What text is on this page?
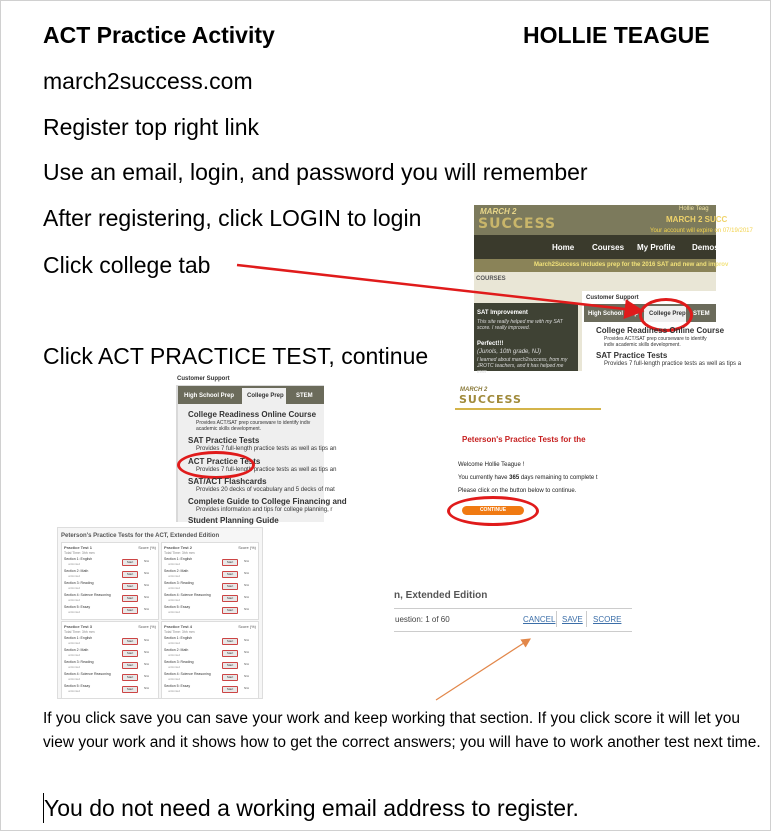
ACT Practice Activity	HOLLIE TEAGUE
march2success.com
Register top right link
Use an email, login, and password you will remember
After registering, click LOGIN to login
Click college tab
Click ACT PRACTICE TEST, continue
MARCH 2
SUCCESS
Hollie Teag
MARCH 2 SUCC
Your account will expire on 07/19/2017
Home Courses My Profile Demos
March2Success includes prep for the 2016 SAT and new and improv
COURSES
SAT Improvement
This site really helped me with my SAT score. I really improved.
Perfect!!!
(Junols, 10th grade, NJ)
I learned about march2success, from my JROTC teachers, and it has helped me ever
Customer Support
High School Prep College Prep STEM
College Readiness Online Course
Provides ACT/SAT prep courseware to identify indiv academic skills development.
SAT Practice Tests
Provides 7 full-length practice tests as well as tips a
Customer Support
High School Prep College Prep STEM
College Readiness Online Course
Provides ACT/SAT prep courseware to identify indiv academic skills development.
SAT Practice Tests
Provides 7 full-length practice tests as well as tips an
ACT Practice Tests
Provides 7 full-length practice tests as well as tips an
SAT/ACT Flashcards
Provides 20 decks of vocabulary and 5 decks of mat
Complete Guide to College Financing and
Provides information and tips for college planning, r
Student Planning Guide
MARCH 2
SUCCESS
Peterson's Practice Tests for the
Welcome Hollie Teague !
You currently have 365 days remaining to complete t
Please click on the button below to continue.
CONTINUE
Peterson's Practice Tests for the ACT, Extended Edition
Practice Test 1	Score (%)
Total Time: 3hh mm
Section 1: English
unlimited	Start	N/A
Section 2: Math
unlimited	Start	N/A
Section 3: Reading
unlimited	Start	N/A
Section 4: Science Reasoning
unlimited	Start	N/A
Section 5: Essay
unlimited	Start	N/A
Practice Test 2	Score (%)
Total Time: 3hh mm
Section 1: English
unlimited	Start	N/A
Section 2: Math
unlimited	Start	N/A
Section 3: Reading
unlimited	Start	N/A
Section 4: Science Reasoning
unlimited	Start	N/A
Section 5: Essay
unlimited	Start	N/A
Practice Test 3	Score (%)
Total Time: 3hh mm
Section 1: English
unlimited	Start	N/A
Section 2: Math
unlimited	Start	N/A
Section 3: Reading
unlimited	Start	N/A
Section 4: Science Reasoning
unlimited	Start	N/A
Section 5: Essay
unlimited	Start	N/A
Practice Test 4	Score (%)
Total Time: 3hh mm
Section 1: English
unlimited	Start	N/A
Section 2: Math
unlimited	Start	N/A
Section 3: Reading
unlimited	Start	N/A
Section 4: Science Reasoning
unlimited	Start	N/A
Section 5: Essay
unlimited	Start	N/A
n, Extended Edition
uestion: 1 of 60	CANCEL SAVE SCORE
If you click save you can save your work and keep working that section. If you click score it will let you view your work and it shows how to get the correct answers; you will have to work another test next time.
You do not need a working email address to register.
